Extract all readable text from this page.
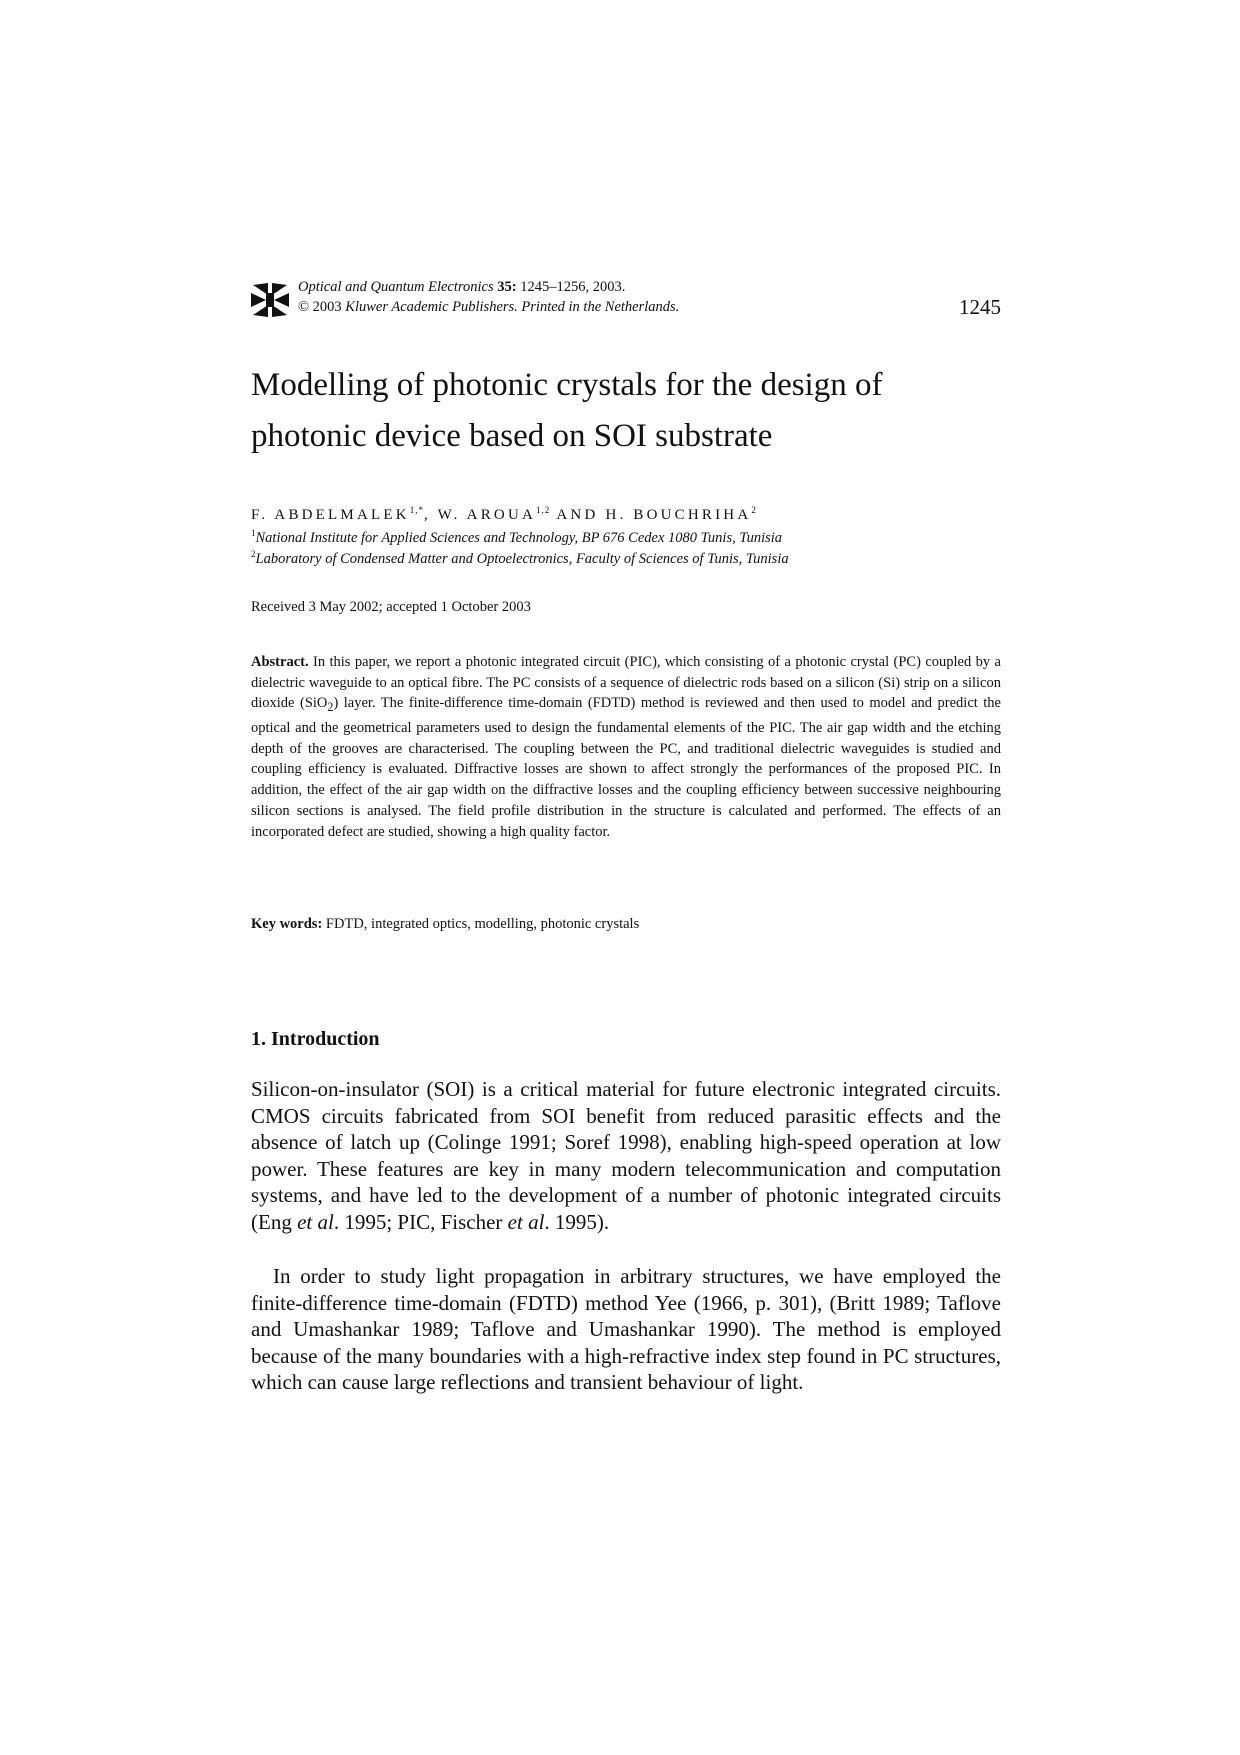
Optical and Quantum Electronics 35: 1245–1256, 2003.
© 2003 Kluwer Academic Publishers. Printed in the Netherlands.	1245
Modelling of photonic crystals for the design of
photonic device based on SOI substrate
F. $ABDELMALEK^{1,*}$, W. AROUA$^{1,2}$ AND H. BOUCHRIHA$^2$
$^1$National Institute for Applied Sciences and Technology, BP 676 Cedex 1080 Tunis, Tunisia
$^2$Laboratory of Condensed Matter and Optoelectronics, Faculty of Sciences of Tunis, Tunisia
Received 3 May 2002; accepted 1 October 2003

Abstract. In this paper, we report a photonic integrated circuit (PIC), which consisting of a photonic crystal (PC) coupled by a dielectric waveguide to an optical fibre. The PC consists of a sequence of dielectric rods based on a silicon (Si) strip on a silicon dioxide (SiO$_2$) layer. The finite-difference time-domain (FDTD) method is reviewed and then used to model and predict the optical and the geometrical parameters used to design the fundamental elements of the PIC. The air gap width and the etching depth of the grooves are characterised. The coupling between the PC, and traditional dielectric waveguides is studied and coupling efficiency is evaluated. Diffractive losses are shown to affect strongly the performances of the proposed PIC. In addition, the effect of the air gap width on the diffractive losses and the coupling efficiency between successive neighbouring silicon sections is analysed. The field profile distribution in the structure is calculated and performed. The effects of an incorporated defect are studied, showing a high quality factor.

Key words: FDTD, integrated optics, modelling, photonic crystals
1. Introduction

Silicon-on-insulator (SOI) is a critical material for future electronic integrated circuits. CMOS circuits fabricated from SOI benefit from reduced parasitic effects and the absence of latch up (Colinge 1991; Soref 1998), enabling high-speed operation at low power. These features are key in many modern telecommunication and computation systems, and have led to the development of a number of photonic integrated circuits (Eng et al. 1995; PIC, Fischer et al. 1995).

In order to study light propagation in arbitrary structures, we have employed the finite-difference time-domain (FDTD) method Yee (1966, p. 301), (Britt 1989; Taflove and Umashankar 1989; Taflove and Umashankar 1990). The method is employed because of the many boundaries with a high-refractive index step found in PC structures, which can cause large reflections and transient behaviour of light.
